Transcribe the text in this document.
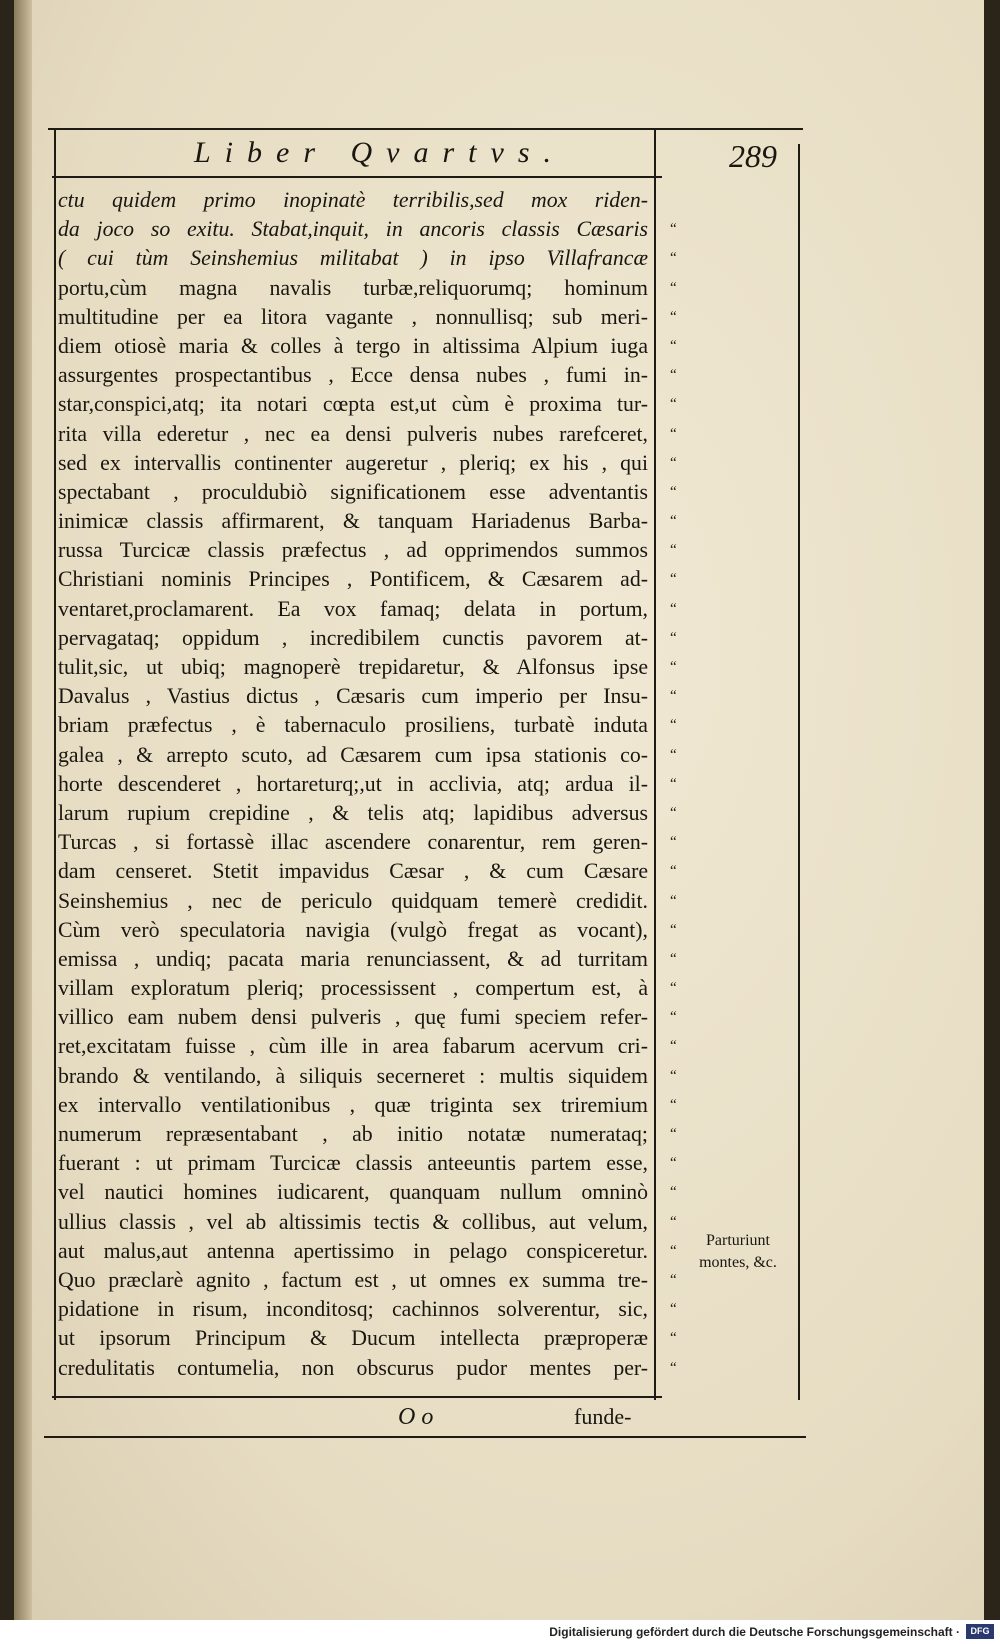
Liber Qvartvs.	289
ctu quidem primo inopinatè terribilis,sed mox riden-
da joco so exitu. Stabat,inquit, in ancoris classis Cæsaris
( cui tùm Seinshemius militabat ) in ipso Villafrancæ
portu,cùm magna navalis turbæ,reliquorumq; hominum
multitudine per ea litora vagante , nonnullisq; sub meri-
diem otiosè maria & colles à tergo in altissima Alpium iuga
assurgentes prospectantibus , Ecce densa nubes , fumi in-
star,conspici,atq; ita notari cœpta est,ut cùm è proxima tur-
rita villa ederetur , nec ea densi pulveris nubes rarefceret,
sed ex intervallis continenter augeretur , pleriq; ex his , qui
spectabant , proculdubiò significationem esse adventantis
inimicæ classis affirmarent, & tanquam Hariadenus Barba-
russa Turcicæ classis præfectus , ad opprimendos summos
Christiani nominis Principes , Pontificem, & Cæsarem ad-
ventaret,proclamarent. Ea vox famaq; delata in portum,
pervagataq; oppidum , incredibilem cunctis pavorem at-
tulit,sic, ut ubiq; magnoperè trepidaretur, & Alfonsus ipse
Davalus , Vastius dictus , Cæsaris cum imperio per Insu-
briam præfectus , è tabernaculo prosiliens, turbatè induta
galea , & arrepto scuto, ad Cæsarem cum ipsa stationis co-
horte descenderet , hortareturq;,ut in acclivia, atq; ardua il-
larum rupium crepidine , & telis atq; lapidibus adversus
Turcas , si fortassè illac ascendere conarentur, rem geren-
dam censeret. Stetit impavidus Cæsar , & cum Cæsare
Seinshemius , nec de periculo quidquam temerè credidit.
Cùm verò speculatoria navigia (vulgò fregat as vocant),
emissa , undiq; pacata maria renunciassent, & ad turritam
villam exploratum pleriq; processissent , compertum est, à
villico eam nubem densi pulveris , quę fumi speciem refer-
ret,excitatam fuisse , cùm ille in area fabarum acervum cri-
brando & ventilando, à siliquis secerneret : multis siquidem
ex intervallo ventilationibus , quæ triginta sex triremium
numerum repræsentabant , ab initio notatæ numerataq;
fuerant : ut primam Turcicæ classis anteeuntis partem esse,
vel nautici homines iudicarent, quanquam nullum omninò
ullius classis , vel ab altissimis tectis & collibus, aut velum,
aut malus,aut antenna apertissimo in pelago conspiceretur.
Quo præclarè agnito , factum est , ut omnes ex summa tre-
pidatione in risum, inconditosq; cachinnos solverentur, sic,
ut ipsorum Principum & Ducum intellecta præproperæ
credulitatis contumelia, non obscurus pudor mentes per-
“
“
“
“
“
“
“
“
“
“
“
“
“
“
“
“
“
“
“
“
“
“
“
“
“
“
“
“
“
“
“
“
“
“
“
“
“
“
“
“
Parturiunt
montes, &c.
O o	funde-
Digitalisierung gefördert durch die Deutsche Forschungsgemeinschaft ·	DFG
